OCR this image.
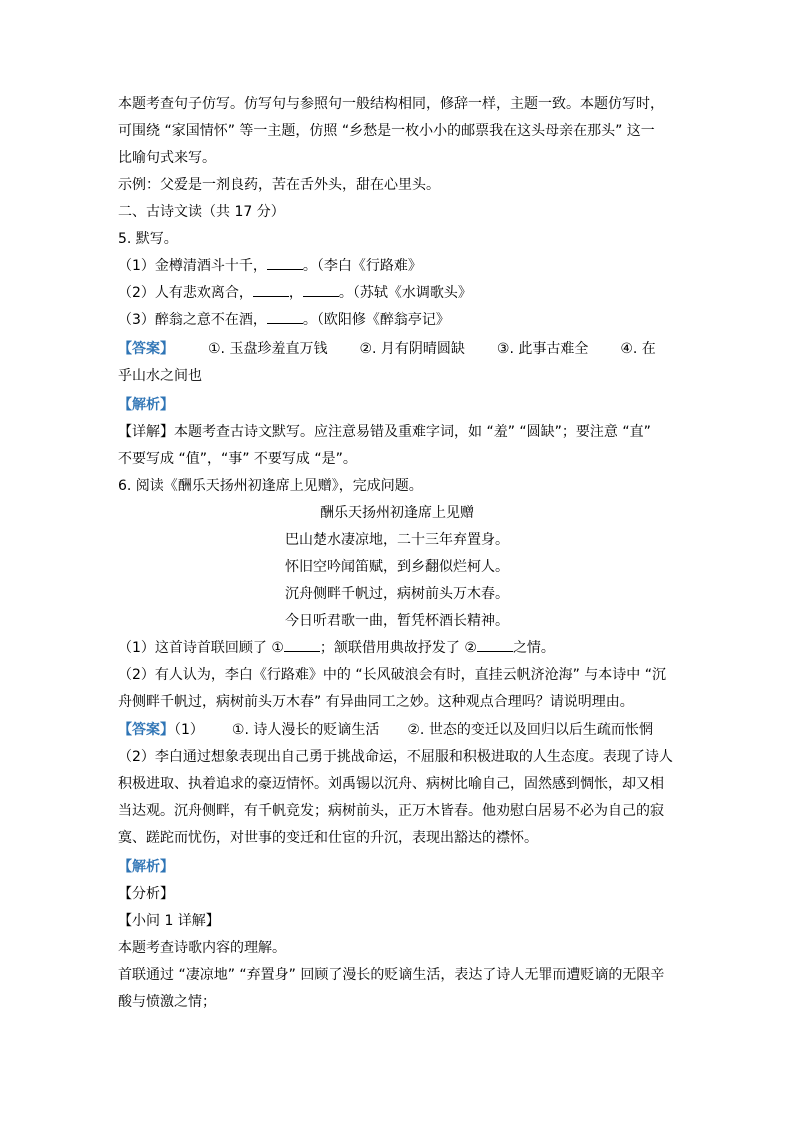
本题考查句子仿写。仿写句与参照句一般结构相同，修辞一样，主题一致。本题仿写时，
可围绕 “家国情怀” 等一主题，仿照 “乡愁是一枚小小的邮票我在这头母亲在那头” 这一
比喻句式来写。
示例：父爱是一剂良药，苦在舌外头，甜在心里头。
二、古诗文读（共 17 分）
5. 默写。
（1）金樽清酒斗十千，	。（李白《行路难》
（2）人有悲欢离合，	，	。（苏轼《水调歌头》
（3）醉翁之意不在酒，	。（欧阳修《醉翁亭记》
【答案】 ①. 玉盘珍羞直万钱 ②. 月有阴晴圆缺 ③. 此事古难全 ④. 在
乎山水之间也
【解析】
【详解】本题考查古诗文默写。应注意易错及重难字词，如 “羞” “圆缺”；要注意 “直”
不要写成 “值”，“事” 不要写成 “是”。
6. 阅读《酬乐天扬州初逢席上见赠》，完成问题。
酬乐天扬州初逢席上见赠
巴山楚水凄凉地，二十三年弃置身。
怀旧空吟闻笛赋，到乡翻似烂柯人。
沉舟侧畔千帆过，病树前头万木春。
今日听君歌一曲，暂凭杯酒长精神。
（1）这首诗首联回顾了 ①	；颔联借用典故抒发了 ②	之情。
（2）有人认为，李白《行路难》中的 “长风破浪会有时，直挂云帆济沧海” 与本诗中 “沉
舟侧畔千帆过，病树前头万木春” 有异曲同工之妙。这种观点合理吗？请说明理由。
【答案】（1） ①. 诗人漫长的贬谪生活 ②. 世态的变迁以及回归以后生疏而怅惘
（2）李白通过想象表现出自己勇于挑战命运，不屈服和积极进取的人生态度。表现了诗人
积极进取、执着追求的豪迈情怀。刘禹锡以沉舟、病树比喻自己，固然感到惆怅，却又相
当达观。沉舟侧畔，有千帆竞发；病树前头，正万木皆春。他劝慰白居易不必为自己的寂
寞、蹉跎而忧伤，对世事的变迁和仕宦的升沉，表现出豁达的襟怀。
【解析】
【分析】
【小问 1 详解】
本题考查诗歌内容的理解。
首联通过 “凄凉地” “弃置身” 回顾了漫长的贬谪生活，表达了诗人无罪而遭贬谪的无限辛
酸与愤激之情；
